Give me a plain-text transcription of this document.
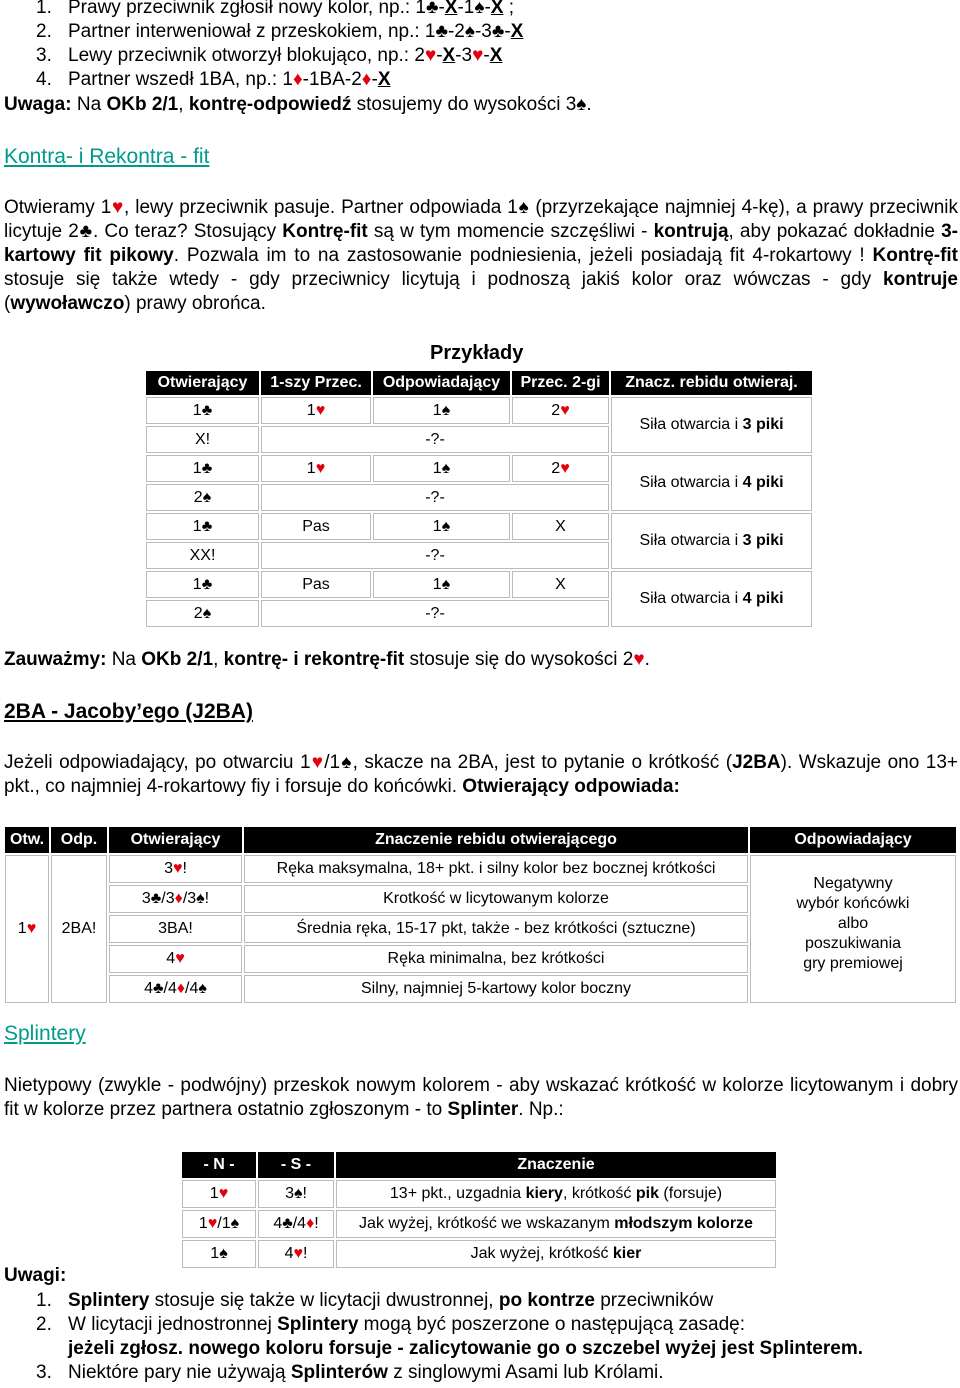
1. Prawy przeciwnik zgłosił nowy kolor, np.: 1♣-X-1♠-X ;
2. Partner interweniował z przeskokiem, np.: 1♣-2♠-3♣-X
3. Lewy przeciwnik otworzył blokująco, np.: 2♥-X-3♥-X
4. Partner wszedł 1BA, np.: 1♦-1BA-2♦-X
Uwaga: Na OKb 2/1, kontrę-odpowiedź stosujemy do wysokości 3♠.
Kontra- i Rekontra - fit

Otwieramy 1♥, lewy przeciwnik pasuje. Partner odpowiada 1♠ (przyrzekające najmniej 4-kę), a prawy przeciwnik licytuje 2♣. Co teraz? Stosujący Kontrę-fit są w tym momencie szczęśliwi - kontrują, aby pokazać dokładnie 3-kartowy fit pikowy. Pozwala im to na zastosowanie podniesienia, jeżeli posiadają fit 4-rokartowy ! Kontrę-fit stosuje się także wtedy - gdy przeciwnicy licytują i podnoszą jakiś kolor oraz wówczas - gdy kontruje (wywoławczo) prawy obrońca.

Przykłady
Otwierający	1-szy Przec.	Odpowiadający	Przec. 2-gi	Znacz. rebidu otwieraj.
1♣	1♥	1♠	2♥	Siła otwarcia i 3 piki
X!	-?-			
1♣	1♥	1♠	2♥	Siła otwarcia i 4 piki
2♠	-?-			
1♣	Pas	1♠	X	Siła otwarcia i 3 piki
XX!	-?-			
1♣	Pas	1♠	X	Siła otwarcia i 4 piki
2♠	-?-			
Zauważmy: Na OKb 2/1, kontrę- i rekontrę-fit stosuje się do wysokości 2♥.
2BA - Jacoby’ego (J2BA)

Jeżeli odpowiadający, po otwarciu 1♥/1♠, skacze na 2BA, jest to pytanie o krótkość (J2BA). Wskazuje ono 13+ pkt., co najmniej 4-rokartowy fiy i forsuje do końcówki. Otwierający odpowiada:

Otw.	Odp.	Otwierający	Znaczenie rebidu otwierającego	Odpowiadający
1♥	2BA!	3♥!	Ręka maksymalna, 18+ pkt. i silny kolor bez bocznej krótkości	Negatywny
wybór końcówki
albo
poszukiwania
gry premiowej
		3♣/3♦/3♠!	Krotkość w licytowanym kolorze	
		3BA!	Średnia ręka, 15-17 pkt, także - bez krótkości (sztuczne)	
		4♥	Ręka minimalna, bez krótkości	
		4♣/4♦/4♠	Silny, najmniej 5-kartowy kolor boczny	
Splintery

Nietypowy (zwykle - podwójny) przeskok nowym kolorem - aby wskazać krótkość w kolorze licytowanym i dobry fit w kolorze przez partnera ostatnio zgłoszonym - to Splinter. Np.:

- N -	- S -	Znaczenie
1♥	3♠!	13+ pkt., uzgadnia kiery, krótkość pik (forsuje)
1♥/1♠	4♣/4♦!	Jak wyżej, krótkość we wskazanym młodszym kolorze
1♠	4♥!	Jak wyżej, krótkość kier
Uwagi:
1. Splintery stosuje się także w licytacji dwustronnej, po kontrze przeciwników
2. W licytacji jednostronnej Splintery mogą być poszerzone o następującą zasadę:
jeżeli zgłosz. nowego koloru forsuje - zalicytowanie go o szczebel wyżej jest Splinterem.
3. Niektóre pary nie używają Splinterów z singlowymi Asami lub Królami.
